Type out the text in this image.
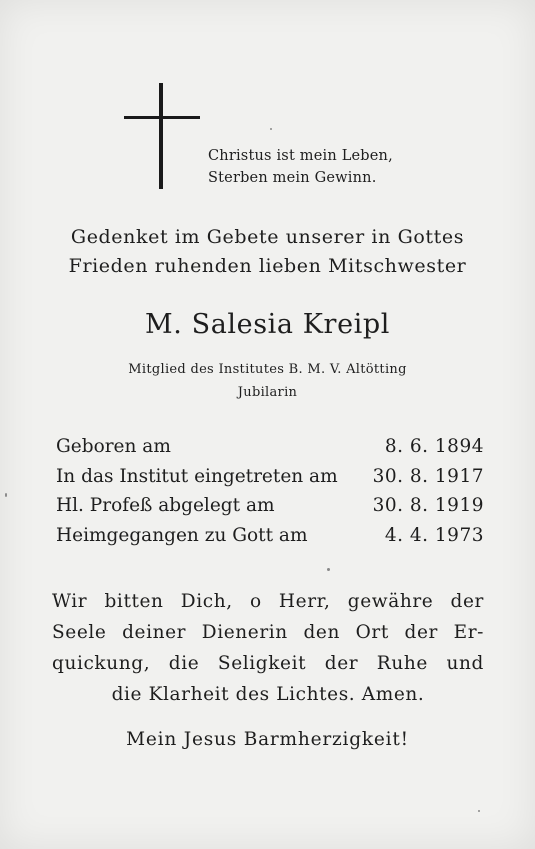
Christus ist mein Leben,
Sterben mein Gewinn.
Gedenket im Gebete unserer in Gottes
Frieden ruhenden lieben Mitschwester
M. Salesia Kreipl
Mitglied des Institutes B. M. V. Altötting
Jubilarin
Geboren am	8. 6. 1894
In das Institut eingetreten am 30. 8. 1917
Hl. Profeß abgelegt am	30. 8. 1919
Heimgegangen zu Gott am	4. 4. 1973
Wir bitten Dich, o Herr, gewähre der
Seele deiner Dienerin den Ort der Er-
quickung, die Seligkeit der Ruhe und
die Klarheit des Lichtes. Amen.
Mein Jesus Barmherzigkeit!
